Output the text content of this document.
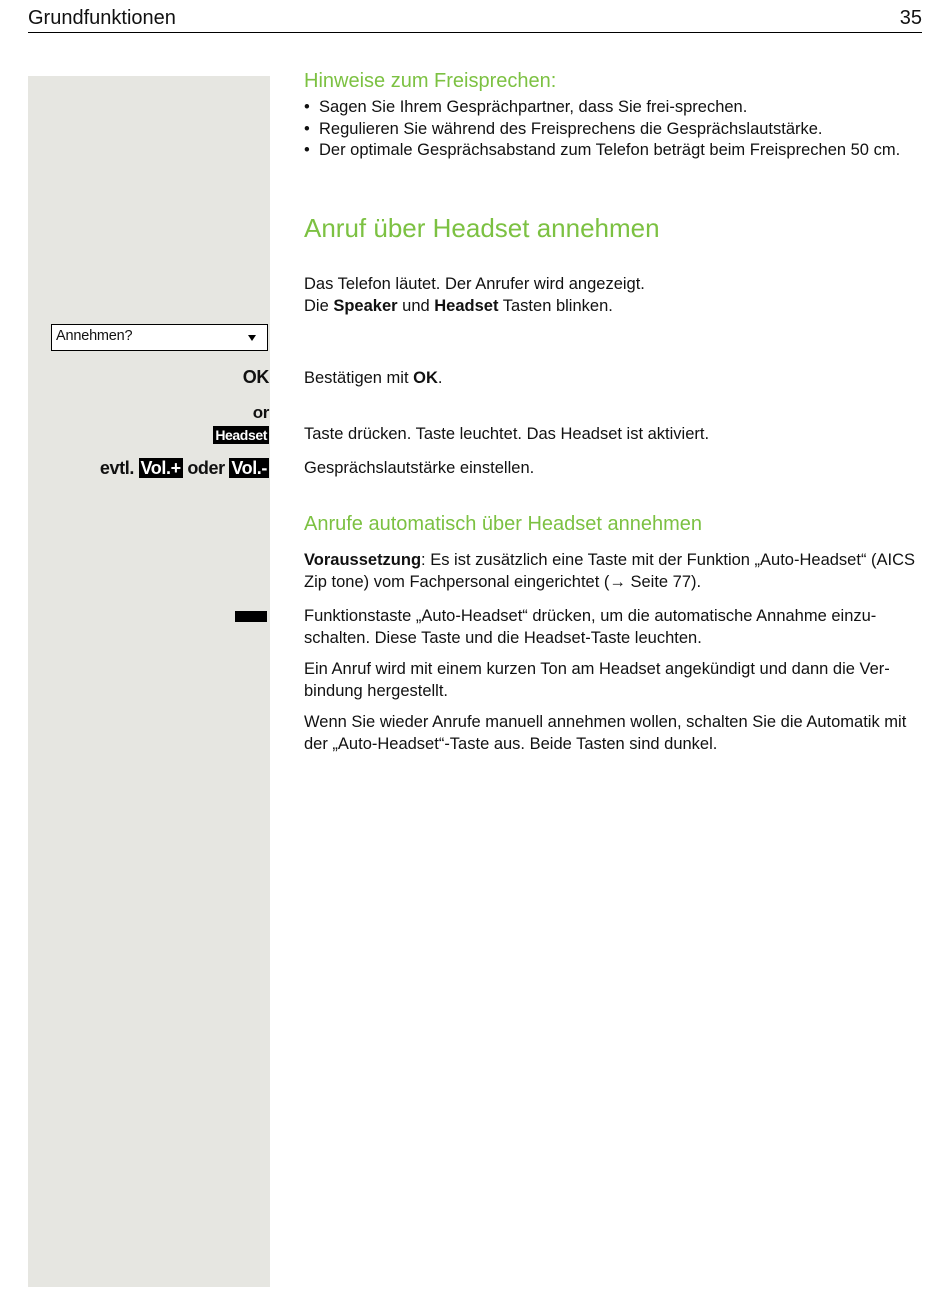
Grundfunktionen	35
Hinweise zum Freisprechen:
• Sagen Sie Ihrem Gesprächpartner, dass Sie frei-sprechen.
• Regulieren Sie während des Freisprechens die Gesprächslautstärke.
• Der optimale Gesprächsabstand zum Telefon beträgt beim Freisprechen 50 cm.
Anruf über Headset annehmen
Das Telefon läutet. Der Anrufer wird angezeigt.
Die Speaker und Headset Tasten blinken.
Annehmen?
OK Bestätigen mit OK.
or
Headset Taste drücken. Taste leuchtet. Das Headset ist aktiviert.
evtl. Vol.+ oder Vol.- Gesprächslautstärke einstellen.
Anrufe automatisch über Headset annehmen
Voraussetzung: Es ist zusätzlich eine Taste mit der Funktion „Auto-Headset“ (AICS Zip tone) vom Fachpersonal eingerichtet (→ Seite 77).
Funktionstaste „Auto-Headset“ drücken, um die automatische Annahme einzu-schalten. Diese Taste und die Headset-Taste leuchten.
Ein Anruf wird mit einem kurzen Ton am Headset angekündigt und dann die Ver-bindung hergestellt.
Wenn Sie wieder Anrufe manuell annehmen wollen, schalten Sie die Automatik mit der „Auto-Headset“-Taste aus. Beide Tasten sind dunkel.
